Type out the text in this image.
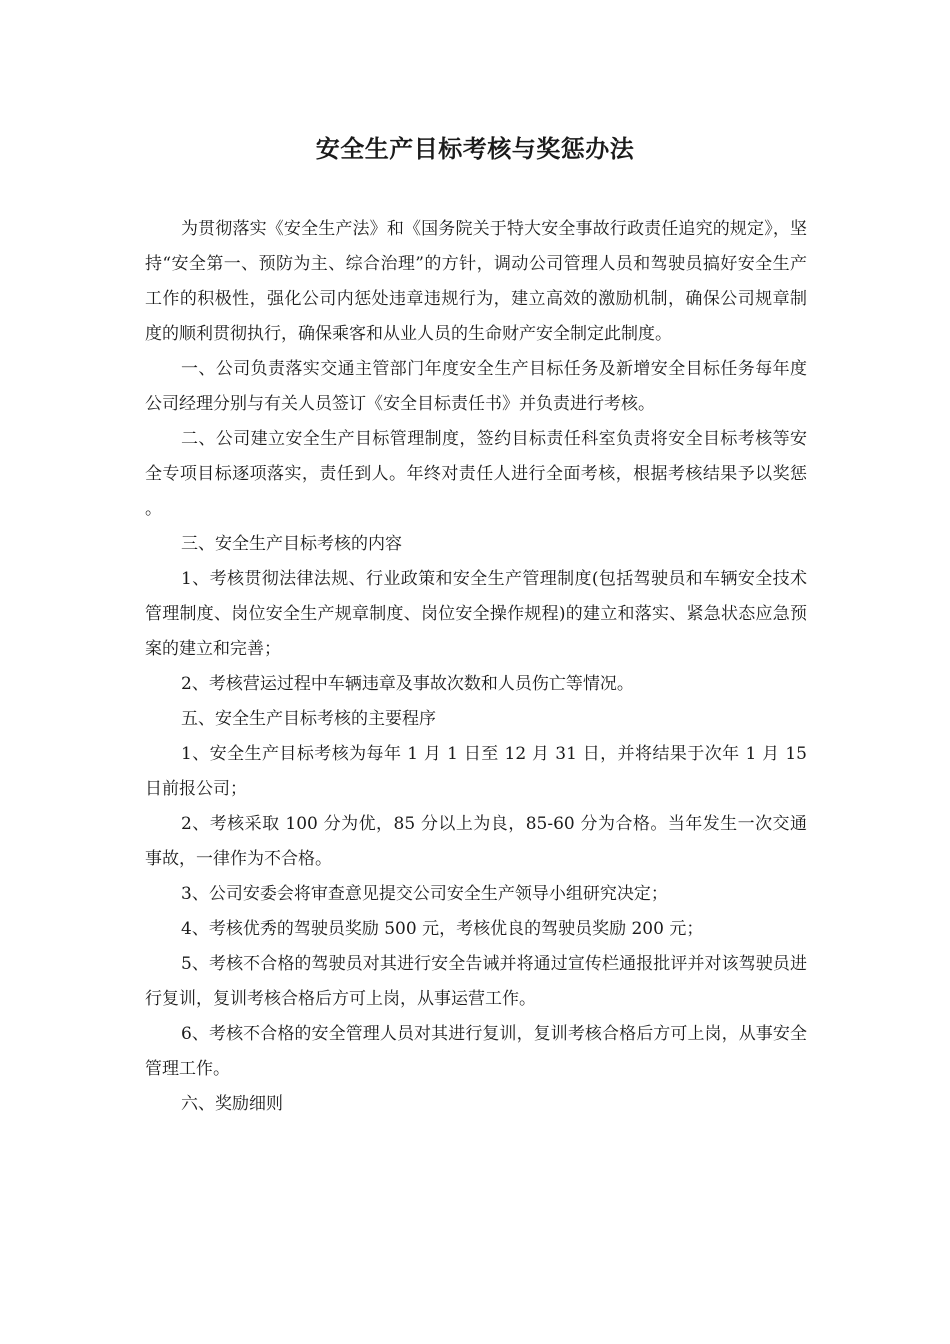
安全生产目标考核与奖惩办法

为贯彻落实《安全生产法》和《国务院关于特大安全事故行政责任追究的规定》，坚持“安全第一、预防为主、综合治理”的方针，调动公司管理人员和驾驶员搞好安全生产工作的积极性，强化公司内惩处违章违规行为，建立高效的激励机制，确保公司规章制度的顺利贯彻执行，确保乘客和从业人员的生命财产安全制定此制度。

一、公司负责落实交通主管部门年度安全生产目标任务及新增安全目标任务每年度公司经理分别与有关人员签订《安全目标责任书》并负责进行考核。

二、公司建立安全生产目标管理制度，签约目标责任科室负责将安全目标考核等安全专项目标逐项落实，责任到人。年终对责任人进行全面考核，根据考核结果予以奖惩。

三、安全生产目标考核的内容

1、考核贯彻法律法规、行业政策和安全生产管理制度(包括驾驶员和车辆安全技术管理制度、岗位安全生产规章制度、岗位安全操作规程)的建立和落实、紧急状态应急预案的建立和完善；

2、考核营运过程中车辆违章及事故次数和人员伤亡等情况。

五、安全生产目标考核的主要程序

1、安全生产目标考核为每年 1 月 1 日至 12 月 31 日，并将结果于次年 1 月 15 日前报公司；

2、考核采取 100 分为优，85 分以上为良，85-60 分为合格。当年发生一次交通事故，一律作为不合格。

3、公司安委会将审查意见提交公司安全生产领导小组研究决定；

4、考核优秀的驾驶员奖励 500 元，考核优良的驾驶员奖励 200 元；

5、考核不合格的驾驶员对其进行安全告诫并将通过宣传栏通报批评并对该驾驶员进行复训，复训考核合格后方可上岗，从事运营工作。

6、考核不合格的安全管理人员对其进行复训，复训考核合格后方可上岗，从事安全管理工作。

六、奖励细则
